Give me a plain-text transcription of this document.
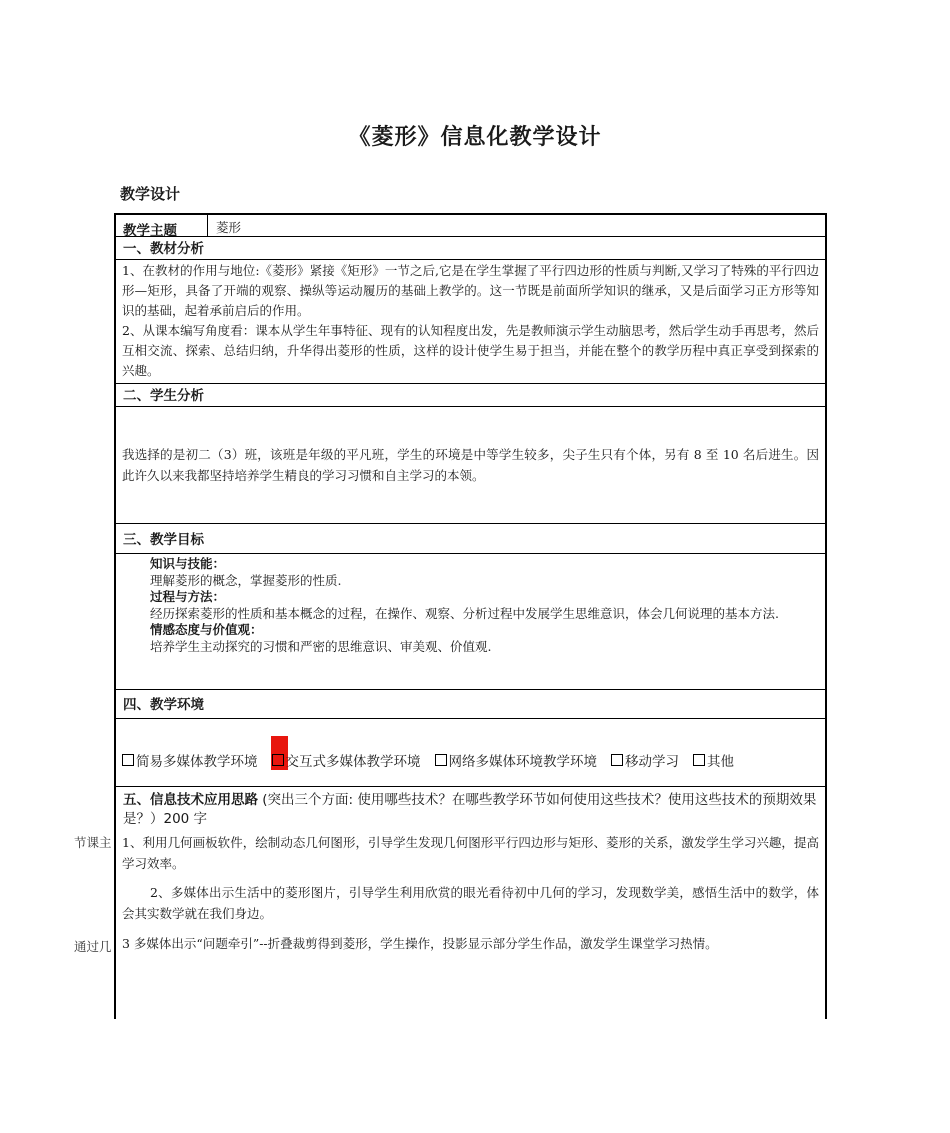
《菱形》信息化教学设计
教学设计
教学主题	菱形
一、教材分析
1、在教材的作用与地位:《菱形》紧接《矩形》一节之后,它是在学生掌握了平行四边形的性质与判断,又学习了特殊的平行四边形—矩形，具备了开端的观察、操纵等运动履历的基础上教学的。这一节既是前面所学知识的继承，又是后面学习正方形等知识的基础，起着承前启后的作用。
2、从课本编写角度看：课本从学生年事特征、现有的认知程度出发，先是教师演示学生动脑思考，然后学生动手再思考，然后互相交流、探索、总结归纳，升华得出菱形的性质，这样的设计使学生易于担当，并能在整个的教学历程中真正享受到探索的兴趣。
二、学生分析
我选择的是初二（3）班，该班是年级的平凡班，学生的环境是中等学生较多，尖子生只有个体，另有 8 至 10 名后进生。因此许久以来我都坚持培养学生精良的学习习惯和自主学习的本领。
三、教学目标
知识与技能：
理解菱形的概念，掌握菱形的性质.
过程与方法：
经历探索菱形的性质和基本概念的过程，在操作、观察、分析过程中发展学生思维意识，体会几何说理的基本方法.
情感态度与价值观：
培养学生主动探究的习惯和严密的思维意识、审美观、价值观.
四、教学环境
简易多媒体教学环境 交互式多媒体教学环境 网络多媒体环境教学环境 移动学习 其他
五、信息技术应用思路 (突出三个方面: 使用哪些技术？在哪些教学环节如何使用这些技术？使用这些技术的预期效果是？）200 字
1、利用几何画板软件，绘制动态几何图形，引导学生发现几何图形平行四边形与矩形、菱形的关系，激发学生学习兴趣，提高学习效率。
2、多媒体出示生活中的菱形图片，引导学生利用欣赏的眼光看待初中几何的学习，发现数学美，感悟生活中的数学，体会其实数学就在我们身边。
3 多媒体出示“问题牵引”--折叠裁剪得到菱形，学生操作，投影显示部分学生作品，激发学生课堂学习热情。
节课主
通过几
